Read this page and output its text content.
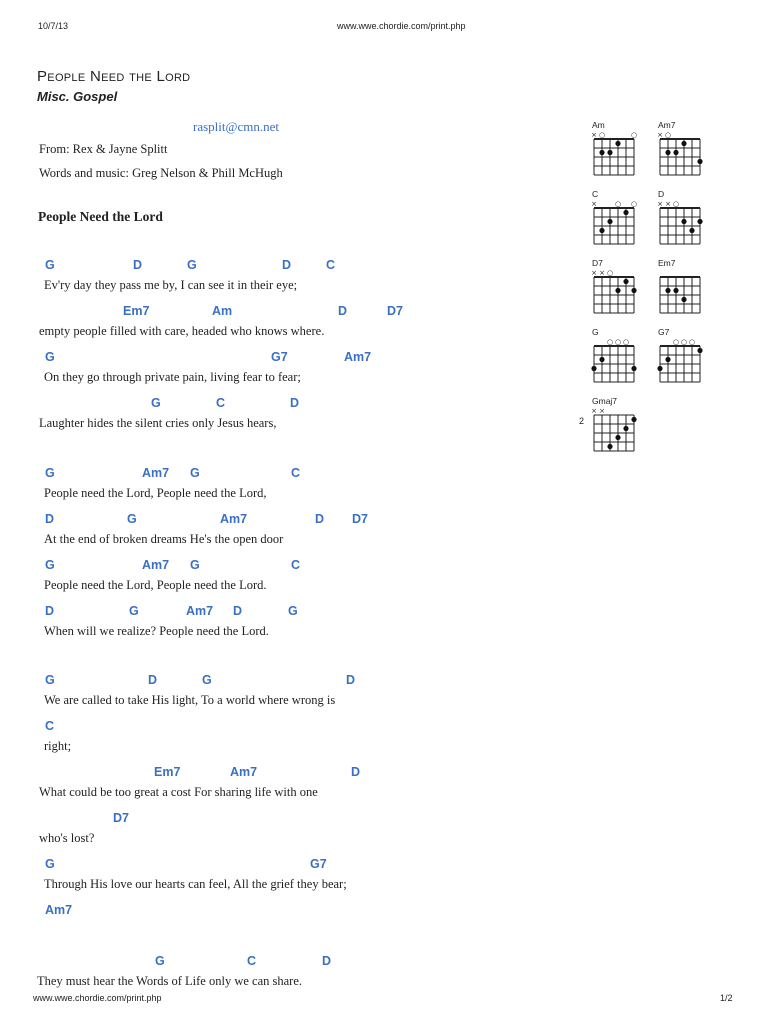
10/7/13	www.wwe.chordie.com/print.php
People Need the Lord
Misc. Gospel
rasplit@cmn.net
From: Rex & Jayne Splitt
Words and music: Greg Nelson & Phill McHugh
People Need the Lord
G	D	G	D	C
Ev'ry day they pass me by, I can see it in their eye;
Em7	Am	D	D7
empty people filled with care, headed who knows where.
G	G7	Am7
On they go through private pain, living fear to fear;
G	C	D
Laughter hides the silent cries only Jesus hears,
G	Am7 G	C
People need the Lord, People need the Lord,
D	G	Am7	D D7
At the end of broken dreams He's the open door
G	Am7 G	C
People need the Lord, People need the Lord.
D	G	Am7 D	G
When will we realize? People need the Lord.
G	D	G	D
We are called to take His light, To a world where wrong is
C
right;
Em7	Am7	D
What could be too great a cost For sharing life with one
D7
who's lost?
G	G7
Through His love our hearts can feel, All the grief they bear;
Am7
G	C	D
They must hear the Words of Life only we can share.
Am
× ○	○
Am7
× ○
C
×	○ ○
D
× × ○
D7
× × ○
Em7
G
○ ○ ○
G7
○ ○ ○
Gmaj7
2
× ×
www.wwe.chordie.com/print.php	1/2
